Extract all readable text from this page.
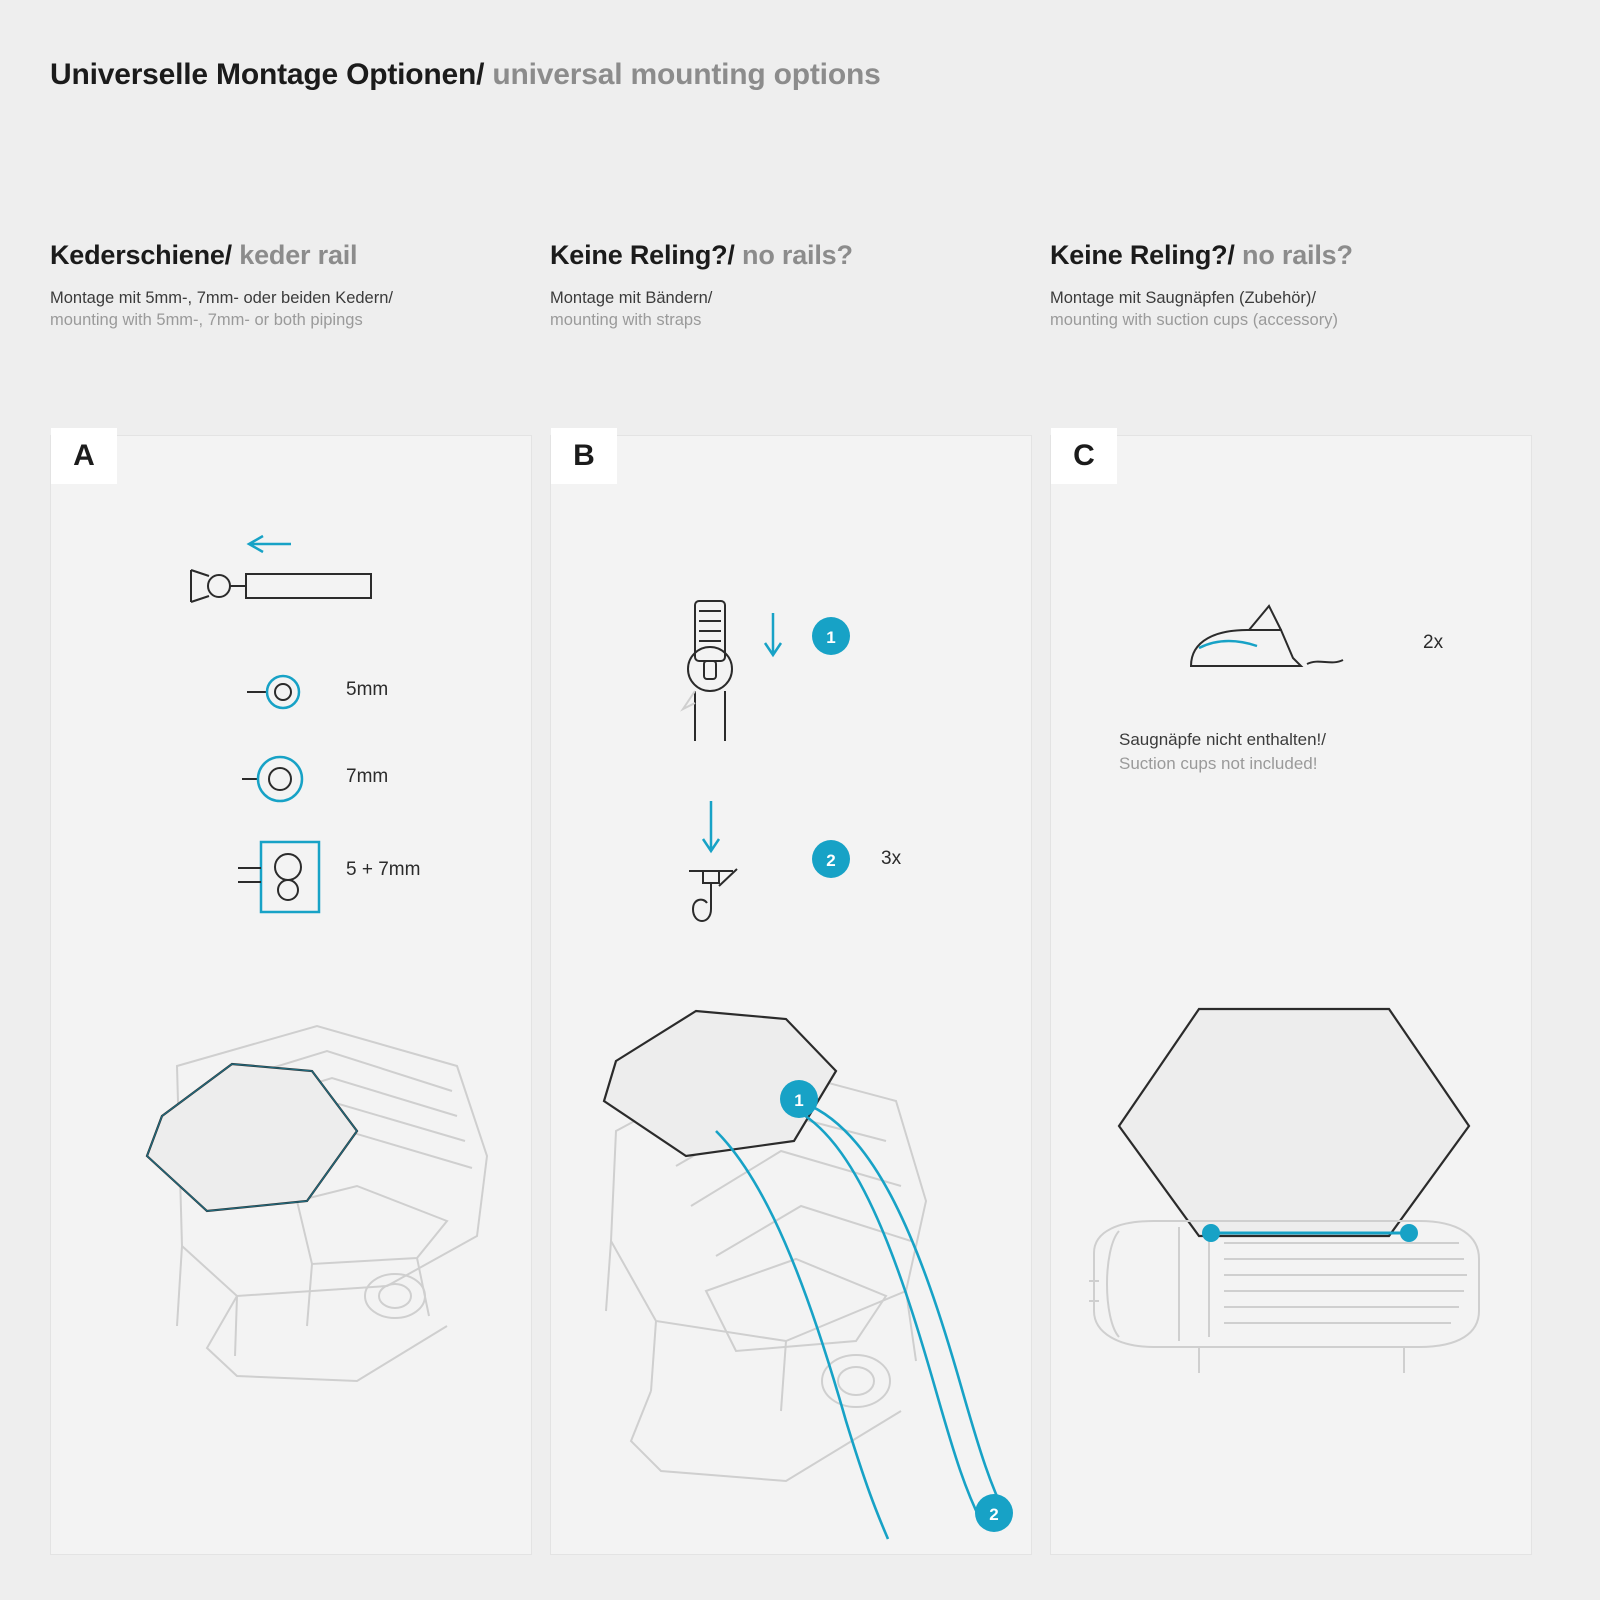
Universelle Montage Optionen/ universal mounting options
Kederschiene/ keder rail
Montage mit 5mm-, 7mm- oder beiden Kedern/
mounting with 5mm-, 7mm- or both pipings
A
5mm
7mm
5 + 7mm
Keine Reling?/ no rails?
Montage mit Bändern/
mounting with straps
B
1
2 3x
1
2
Keine Reling?/ no rails?
Montage mit Saugnäpfen (Zubehör)/
mounting with suction cups (accessory)
C
2x
Saugnäpfe nicht enthalten!/
Suction cups not included!
